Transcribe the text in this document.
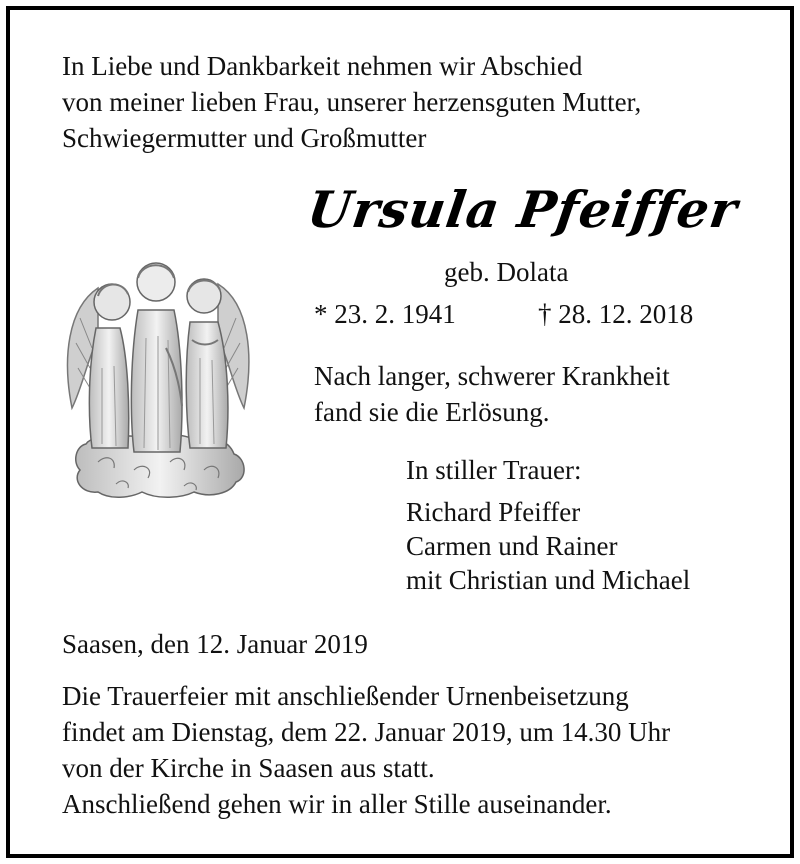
In Liebe und Dankbarkeit nehmen wir Abschied
von meiner lieben Frau, unserer herzensguten Mutter,
Schwiegermutter und Großmutter
Ursula Pfeiffer
geb. Dolata
* 23. 2. 1941	† 28. 12. 2018
Nach langer, schwerer Krankheit
fand sie die Erlösung.
In stiller Trauer:
Richard Pfeiffer
Carmen und Rainer
mit Christian und Michael
Saasen, den 12. Januar 2019
Die Trauerfeier mit anschließender Urnenbeisetzung
findet am Dienstag, dem 22. Januar 2019, um 14.30 Uhr
von der Kirche in Saasen aus statt.
Anschließend gehen wir in aller Stille auseinander.
